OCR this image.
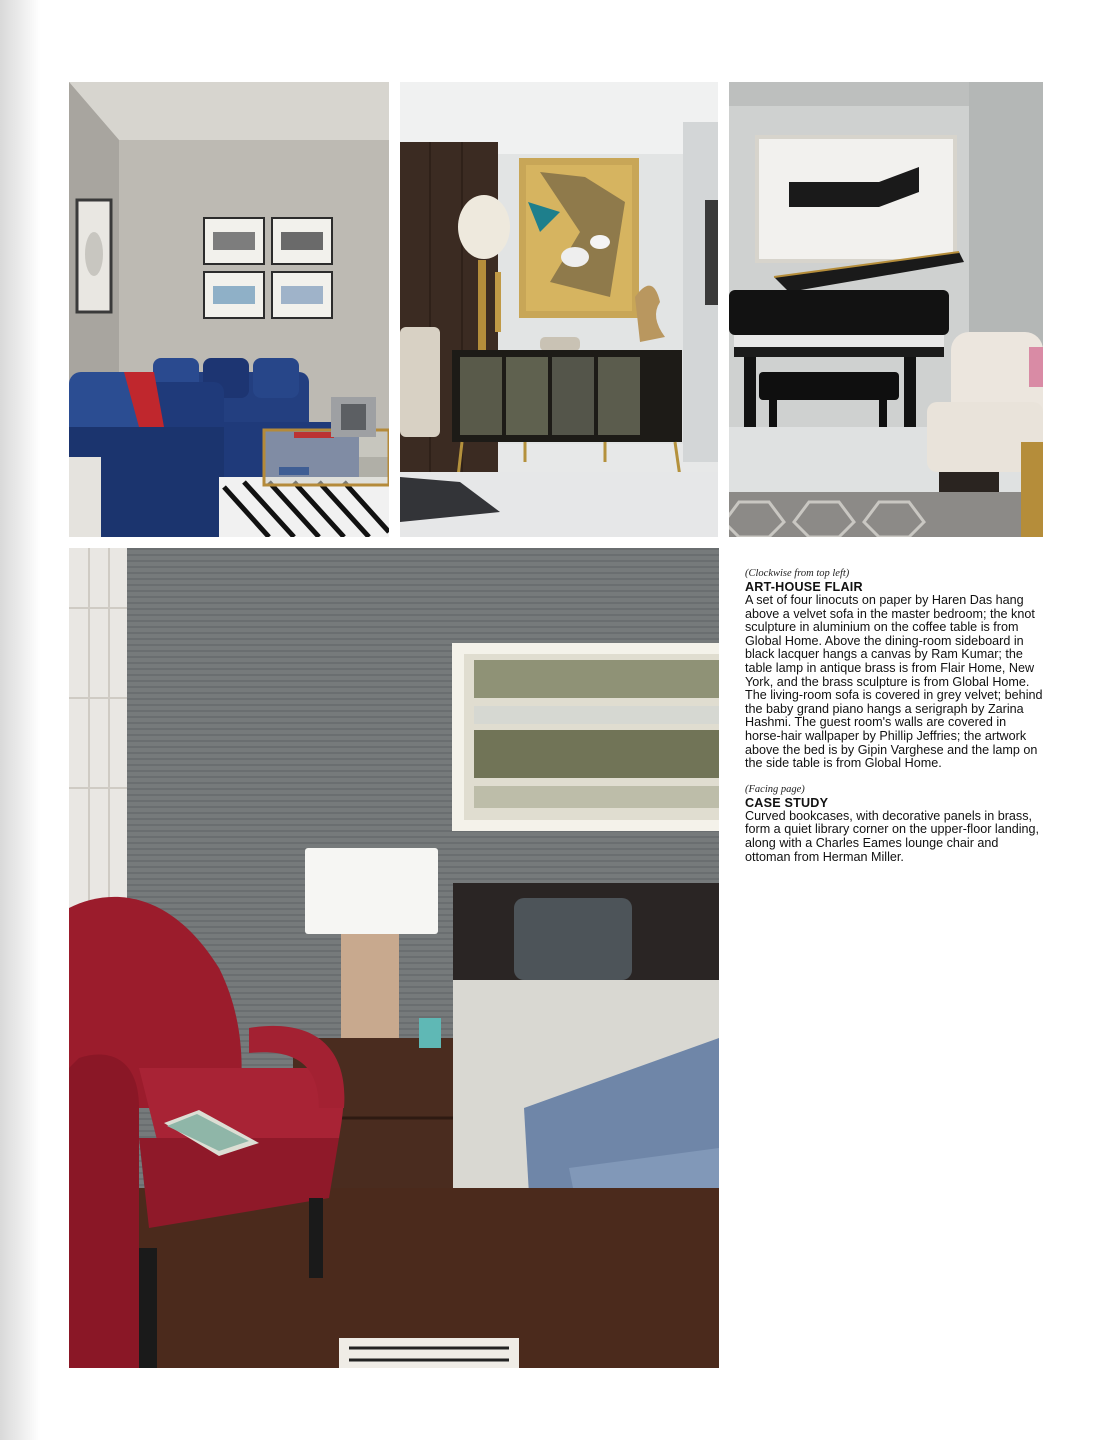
(Clockwise from top left)
ART-HOUSE FLAIR

A set of four linocuts on paper by Haren Das hang above a velvet sofa in the master bedroom; the knot sculpture in aluminium on the coffee table is from Global Home. Above the dining-room sideboard in black lacquer hangs a canvas by Ram Kumar; the table lamp in antique brass is from Flair Home, New York, and the brass sculpture is from Global Home. The living-room sofa is covered in grey velvet; behind the baby grand piano hangs a serigraph by Zarina Hashmi. The guest room's walls are covered in horse-hair wallpaper by Phillip Jeffries; the artwork above the bed is by Gipin Varghese and the lamp on the side table is from Global Home.

(Facing page)
CASE STUDY

Curved bookcases, with decorative panels in brass, form a quiet library corner on the upper-floor landing, along with a Charles Eames lounge chair and ottoman from Herman Miller.
